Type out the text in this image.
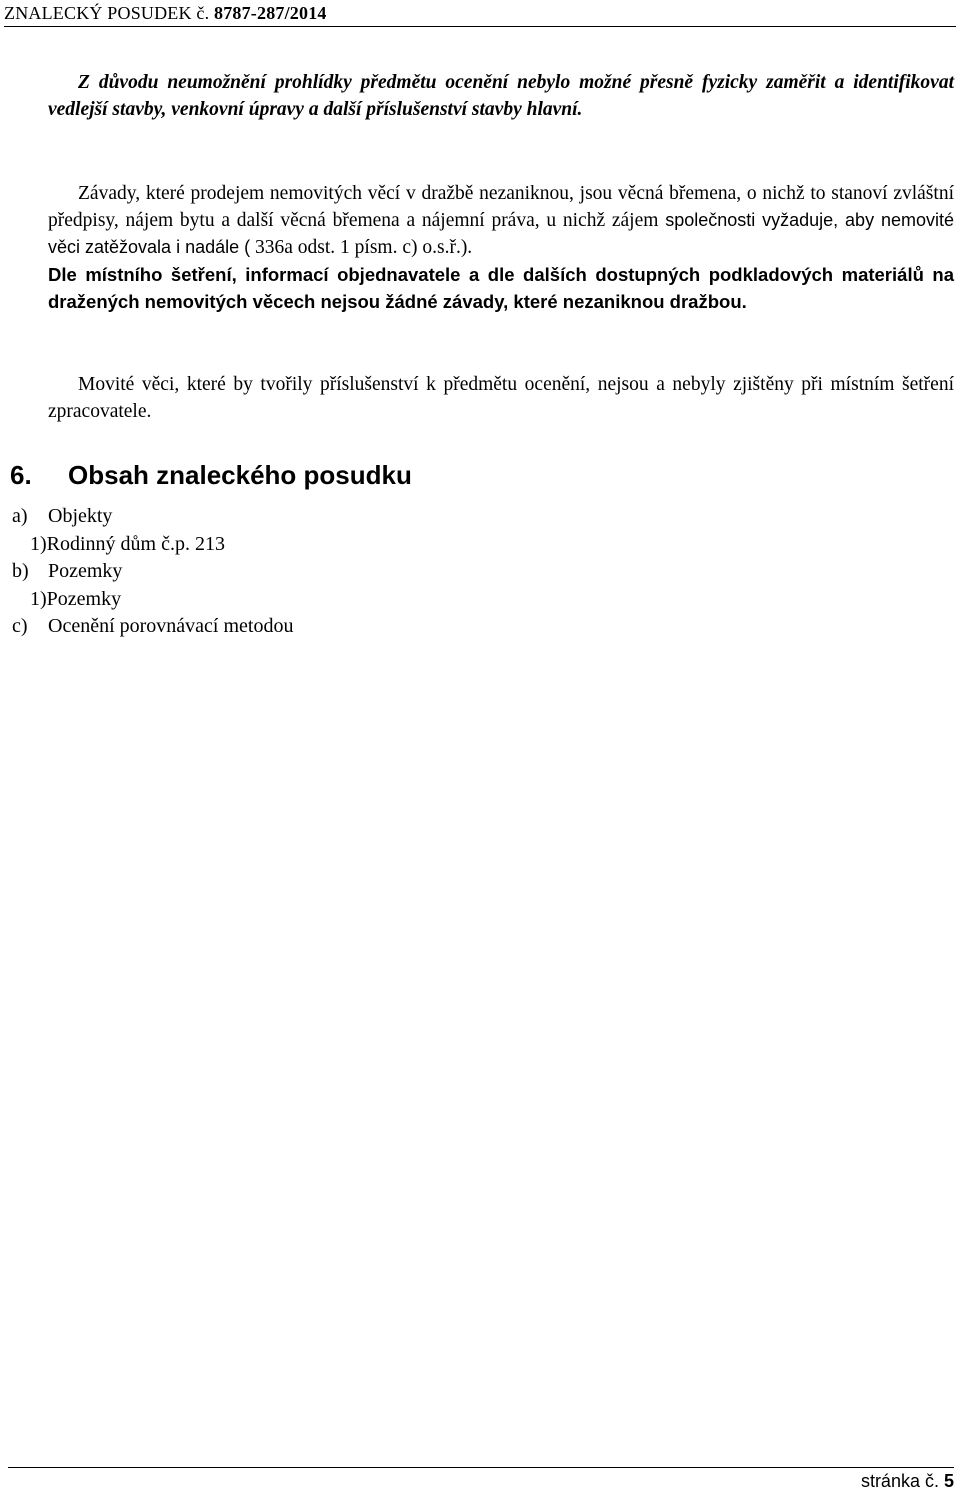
ZNALECKÝ POSUDEK č. 8787-287/2014

Z důvodu neumožnění prohlídky předmětu ocenění nebylo možné přesně fyzicky zaměřit a identifikovat vedlejší stavby, venkovní úpravy a další příslušenství stavby hlavní.

Závady, které prodejem nemovitých věcí v dražbě nezaniknou, jsou věcná břemena, o nichž to stanoví zvláštní předpisy, nájem bytu a další věcná břemena a nájemní práva, u nichž zájem společnosti vyžaduje, aby nemovité věci zatěžovala i nadále ( 336a odst. 1 písm. c) o.s.ř.).
Dle místního šetření, informací objednavatele a dle dalších dostupných podkladových materiálů na dražených nemovitých věcech nejsou žádné závady, které nezaniknou dražbou.

Movité věci, které by tvořily příslušenství k předmětu ocenění, nejsou a nebyly zjištěny při místním šetření zpracovatele.

6. Obsah znaleckého posudku
a) Objekty
1)Rodinný dům č.p. 213
b) Pozemky
1)Pozemky
c) Ocenění porovnávací metodou
stránka č. 5
